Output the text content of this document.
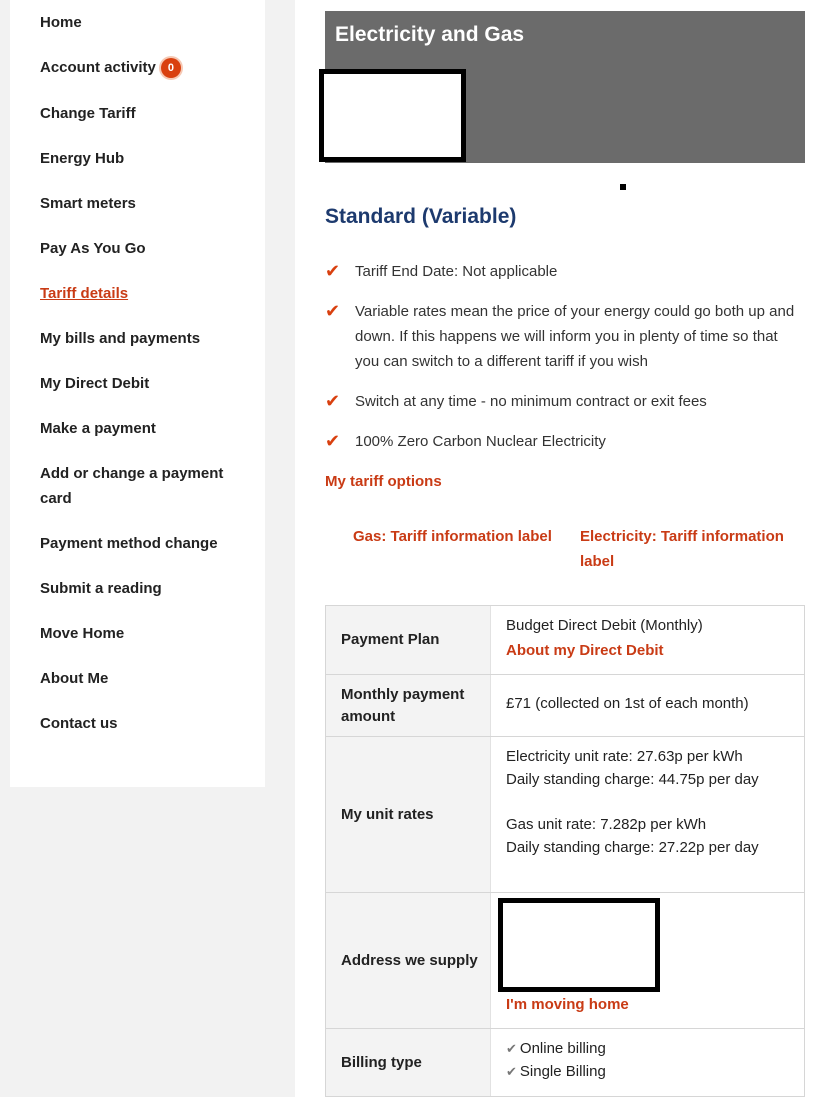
Home
Account activity 0
Change Tariff
Energy Hub
Smart meters
Pay As You Go
Tariff details
My bills and payments
My Direct Debit
Make a payment
Add or change a payment card
Payment method change
Submit a reading
Move Home
About Me
Contact us
Electricity and Gas
Standard (Variable)
✔ Tariff End Date: Not applicable
✔ Variable rates mean the price of your energy could go both up and down. If this happens we will inform you in plenty of time so that you can switch to a different tariff if you wish
✔ Switch at any time - no minimum contract or exit fees
✔ 100% Zero Carbon Nuclear Electricity
My tariff options
Gas: Tariff information label	Electricity: Tariff information label
Payment Plan
Budget Direct Debit (Monthly)
About my Direct Debit
Monthly payment amount
£71 (collected on 1st of each month)
My unit rates
Electricity unit rate: 27.63p per kWh
Daily standing charge: 44.75p per day
Gas unit rate: 7.282p per kWh
Daily standing charge: 27.22p per day
Address we supply
I'm moving home
Billing type
✔ Online billing
✔ Single Billing
